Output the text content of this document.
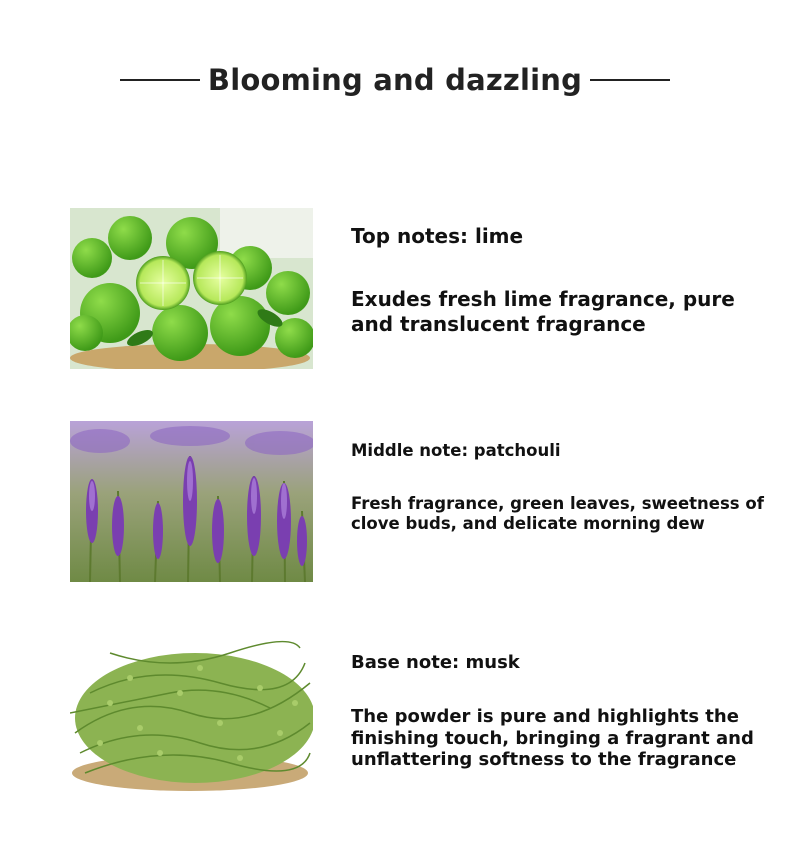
Blooming and dazzling
Top notes: lime
Exudes fresh lime fragrance, pure and translucent fragrance
Middle note: patchouli
Fresh fragrance, green leaves, sweetness of clove buds, and delicate morning dew
Base note: musk
The powder is pure and highlights the finishing touch, bringing a fragrant and unflattering softness to the fragrance
